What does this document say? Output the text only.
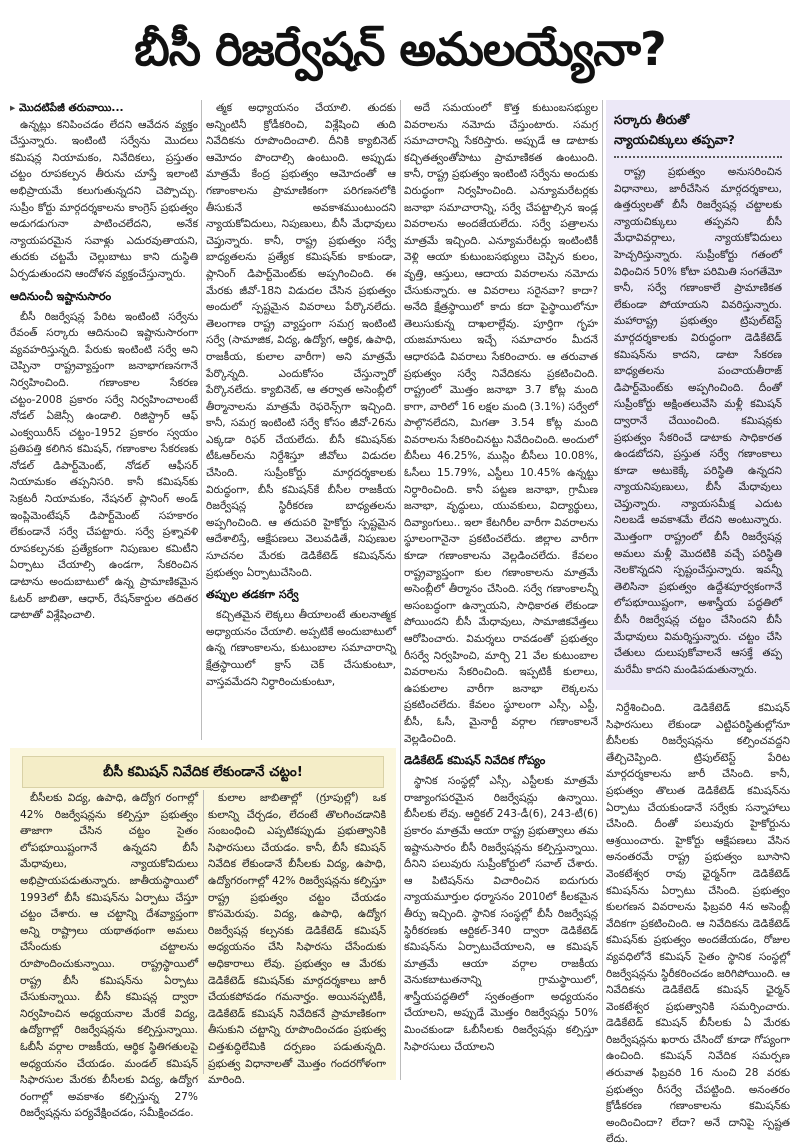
బీసీ రిజర్వేషన్ అమలయ్యేనా?
▸ మొదటిపేజీ తరువాయి...

ఉన్నట్లు కనిపించడం లేదని ఆవేదన వ్యక్తం చేస్తున్నారు. ఇంటింటి సర్వేను మొదలు కమిషన్ల నియామకం, నివేదికలు, ప్రస్తుతం చట్టం రూపకల్పన తీరును చూస్తే ఇలాంటి అభిప్రాయమే కలుగుతున్నదని చెప్పొచ్చు. సుప్రీం కోర్టు మార్గదర్శకాలను కాంగ్రెస్ ప్రభుత్వం అడుగడుగునా పాటించలేదని, అనేక న్యాయపరమైన సవాళ్లు ఎదురవుతాయని, తుదకు చట్టమే చెల్లుబాటు కాని దుస్థితి ఏర్పడుతుందని ఆందోళన వ్యక్తంచేస్తున్నారు.

ఆదినుంచీ ఇష్టానుసారం

బీసీ రిజర్వేషన్ల పేరిట ఇంటింటి సర్వేను రేవంత్ సర్కారు ఆదినుంచి ఇష్టానుసారంగా వ్యవహరిస్తున్నది. పేరుకు ఇంటింటి సర్వే అని చెప్పినా రాష్ట్రవ్యాప్తంగా జనాభాగణనగానే నిర్వహించింది. గణాంకాల సేకరణ చట్టం-2008 ప్రకారం సర్వే నిర్వహించాలంటే నోడల్ ఏజెన్సీ ఉండాలి. రిజిస్ట్రార్ ఆఫ్ ఎంక్వయిరీస్ చట్టం-1952 ప్రకారం స్వయం ప్రతిపత్తి కలిగిన కమిషన్, గణాంకాల సేకరణకు నోడల్ డిపార్ట్‌మెంట్, నోడల్ ఆఫీసర్ నియామకం తప్పనిసరి. కానీ కమిషన్‌కు సెక్రటరీ నియామకం, నేషనల్ ప్లానింగ్ అండ్ ఇంప్లిమెంటేషన్ డిపార్ట్‌మెంట్ సహకారం లేకుండానే సర్వే చేపట్టారు. సర్వే ప్రశ్నావళి రూపకల్పనకు ప్రత్యేకంగా నిపుణుల కమిటీని ఏర్పాటు చేయాల్సి ఉండగా, సేకరించిన డాటాను అందుబాటులో ఉన్న ప్రామాణికమైన ఓటర్ జాబితా, ఆధార్, రేషన్‌కార్డుల తదితర డాటాతో విశ్లేషించాలి.

త్మక అధ్యాయనం చేయాలి. తుదకు అన్నింటినీ క్రోడీకరించి, విశ్లేషించి తుది నివేదికను రూపొందించాలి. దీనికి క్యాబినెట్ ఆమోదం పొందాల్సి ఉంటుంది. అప్పుడు మాత్రమే కేంద్ర ప్రభుత్వం ఆమోదంతో ఆ గణాంకాలను ప్రామాణికంగా పరిగణనలోకి తీసుకునే అవకాశముంటుందని న్యాయకోవిదులు, నిపుణులు, బీసీ మేధావులు చెప్తున్నారు. కానీ, రాష్ట్ర ప్రభుత్వం సర్వే బాధ్యతలను ప్రత్యేక కమిషన్‌కు కాకుండా, ప్లానింగ్ డిపార్ట్‌మెంట్‌కు అప్పగించింది. ఈ మేరకు జీవో-18ని విడుదల చేసిన ప్రభుత్వం అందులో స్పష్టమైన వివరాలు పేర్కొనలేదు. తెలంగాణ రాష్ట్ర వ్యాప్తంగా సమగ్ర ఇంటింటి సర్వే (సామాజిక, విద్య, ఉద్యోగ, ఆర్థిక, ఉపాధి, రాజకీయ, కులాల వారీగా) అని మాత్రమే పేర్కొన్నది. ఎందుకోసం చేస్తున్నారో పేర్కొనలేదు. క్యాబినెట్, ఆ తర్వాత అసెంబ్లీలో తీర్మానాలను మాత్రమే రెఫరెన్స్‌గా ఇచ్చింది. కానీ, సమగ్ర ఇంటింటి సర్వే కోసం జీవో-26ను ఎక్కడా రిఫర్ చేయలేదు. బీసీ కమిషన్‌కు టీఓఆర్‌లను నిర్దేశిస్తూ జీవోలు విడుదల చేసింది. సుప్రీంకోర్టు మార్గదర్శకాలకు విరుద్ధంగా, బీసీ కమిషన్‌కే బీసీల రాజకీయ రిజర్వేషన్ల స్థిరీకరణ బాధ్యతలను అప్పగించింది. ఆ తదుపరి హైకోర్టు స్పష్టమైన ఆదేశాలిస్తే, ఆక్షేపణలు వెలువడితే, నిపుణుల సూచనల మేరకు డెడికేటెడ్ కమిషన్‌ను ప్రభుత్వం ఏర్పాటుచేసింది.

తప్పుల తడకగా సర్వే

కచ్చితమైన లెక్కలు తీయాలంటే తులనాత్మక అధ్యాయనం చేయాలి. అప్పటికే అందుబాటులో ఉన్న గణాంకాలను, కుటుంబాల సమాచారాన్ని క్షేత్రస్థాయిలో క్రాస్ చెక్ చేసుకుంటూ, వాస్తవమేదని నిర్ధారించుకుంటూ,

అదే సమయంలో కొత్త కుటుంబసభ్యుల వివరాలను నమోదు చేస్తుంటారు. సమగ్ర సమాచారాన్ని సేకరిస్తారు. అప్పుడే ఆ డాటాకు కచ్చితత్వంతోపాటు ప్రామాణికత ఉంటుంది. కానీ, రాష్ట్ర ప్రభుత్వం ఇంటింటి సర్వేను అందుకు విరుద్ధంగా నిర్వహించింది. ఎన్యూమరేటర్లకు జనాభా సమాచారాన్ని, సర్వే చేపట్టాల్సిన ఇండ్ల వివరాలను అందజేయలేదు. సర్వే పత్రాలను మాత్రమే ఇచ్చింది. ఎన్యూమరేటర్లు ఇంటింటికీ వెళ్లి ఆయా కుటుంబసభ్యులు చెప్పిన కులం, వృత్తి, ఆస్తులు, ఆదాయ వివరాలను నమోదు చేసుకున్నారు. ఆ వివరాలు సరైనవా? కాదా? అనేది క్షేత్రస్థాయిలో కాదు కదా పైస్థాయిలోనూ తెలుసుకున్న దాఖలాల్లేవు. పూర్తిగా గృహ యజమానులు ఇచ్చే సమాచారం మీదనే ఆధారపడి వివరాలు సేకరించారు. ఆ తరువాత ప్రభుత్వం సర్వే నివేదికను ప్రకటించింది. రాష్ట్రంలో మొత్తం జనాభా 3.7 కోట్ల మంది కాగా, వారిలో 16 లక్షల మంది (3.1%) సర్వేలో పాల్గొనలేదని, మిగతా 3.54 కోట్ల మంది వివరాలను సేకరించినట్టు నివేదించింది. అందులో బీసీలు 46.25%, ముస్లిం బీసీలు 10.08%, ఓసీలు 15.79%, ఎస్టీలు 10.45% ఉన్నట్టు నిర్ధారించింది. కానీ పట్టణ జనాభా, గ్రామీణ జనాభా, వృద్ధులు, యువకులు, విద్యార్థులు, దివ్యాంగులు.. ఇలా కేటగిరీల వారీగా వివరాలను స్థూలంగానైనా ప్రకటించలేదు. జిల్లాల వారీగా కూడా గణాంకాలను వెల్లడించలేదు. కేవలం రాష్ట్రవ్యాప్తంగా కుల గణాంకాలను మాత్రమే అసెంబ్లీలో తీర్మానం చేసింది. సర్వే గణాంకాలన్నీ అసంబద్ధంగా ఉన్నాయని, సాధికారత లేకుండా పోయిందని బీసీ మేధావులు, సామాజికవేత్తలు ఆరోపించారు. విమర్శలు రావడంతో ప్రభుత్వం రీసర్వే నిర్వహించి, మార్చి 21 వేల కుటుంబాల వివరాలను సేకరించింది. ఇప్పటికీ కులాలు, ఉపకులాల వారీగా జనాభా లెక్కలను ప్రకటించలేదు. కేవలం స్థూలంగా ఎస్సీ, ఎస్టీ, బీసీ, ఓసీ, మైనార్టీ వర్గాల గణాంకాలనే వెల్లడించింది.

డెడికేటెడ్ కమిషన్ నివేదిక గోప్యం

స్థానిక సంస్థల్లో ఎస్సీ, ఎస్టీలకు మాత్రమే రాజ్యాంగపరమైన రిజర్వేషన్లు ఉన్నాయి. బీసీలకు లేవు. ఆర్టికల్ 243-డీ(6), 243-టీ(6) ప్రకారం మాత్రమే ఆయా రాష్ట్ర ప్రభుత్వాలు తమ ఇష్టానుసారం బీసీ రిజర్వేషన్లను కల్పిస్తున్నాయి. దీనిని పలువురు సుప్రీంకోర్టులో సవాల్ చేశారు. ఆ పిటిషన్‌ను విచారించిన ఐదుగురు న్యాయమూర్తుల ధర్మాసనం 2010లో కీలకమైన తీర్పు ఇచ్చింది. స్థానిక సంస్థల్లో బీసీ రిజర్వేషన్ల స్థిరీకరణకు ఆర్టికల్-340 ద్వారా డెడికేటెడ్ కమిషన్‌ను ఏర్పాటుచేయాలని, ఆ కమిషన్ మాత్రమే ఆయా వర్గాల రాజకీయ వెనుకబాటుతనాన్ని గ్రామస్థాయిలో, శాస్త్రీయపద్ధతిలో స్వతంత్రంగా అధ్యయనం చేయాలని, అప్పుడే మొత్తం రిజర్వేషన్లు 50% మించకుండా ఓబీసీలకు రిజర్వేషన్లు కల్పిస్తూ సిఫారసులు చేయాలని

సర్కారు తీరుతో
న్యాయచిక్కులు తప్పవా?

రాష్ట్ర ప్రభుత్వం అనుసరించిన విధానాలు, జారీచేసిన మార్గదర్శకాలు, ఉత్తర్వులతో బీసీ రిజర్వేషన్ల చట్టాలకు న్యాయచిక్కులు తప్పవని బీసీ మేధావివర్గాలు, న్యాయకోవిదులు హెచ్చరిస్తున్నారు. సుప్రీంకోర్టు గతంలో విధించిన 50% కోటా పరిమితి సంగతేమో కానీ, సర్వే గణాంకాలే ప్రామాణికత లేకుండా పోయాయని వివరిస్తున్నారు. మహారాష్ట్ర ప్రభుత్వం ట్రిపుల్‌టెస్ట్ మార్గదర్శకాలకు విరుద్ధంగా డెడికేటెడ్ కమిషన్‌ను కాదని, డాటా సేకరణ బాధ్యతలను పంచాయతీరాజ్ డిపార్ట్‌మెంట్‌కు అప్పగించింది. దీంతో సుప్రీంకోర్టు అక్షింతలువేసి మళ్లీ కమిషన్ ద్వారానే చేయించింది. కమిషన్లకు ప్రభుత్వం సేకరించే డాటాకు సాధికారత ఉండబోదని, ప్రస్తుత సర్వే గణాంకాలు కూడా అటుకెక్కే పరిస్థితి ఉన్నదని న్యాయనిపుణులు, బీసీ మేధావులు చెప్తున్నారు. న్యాయసమీక్ష ఎదుట నిలబడే అవకాశమే లేదని అంటున్నారు. మొత్తంగా రాష్ట్రంలో బీసీ రిజర్వేషన్ల అమలు మళ్లీ మొదటికి వచ్చే పరిస్థితి నెలకొన్నదని స్పష్టంచేస్తున్నారు. ఇవన్నీ తెలిసినా ప్రభుత్వం ఉద్దేశపూర్వకంగానే లోపభూయిష్టంగా, అశాస్త్రీయ పద్ధతిలో బీసీ రిజర్వేషన్ల చట్టం చేసిందని బీసీ మేధావులు విమర్శిస్తున్నారు. చట్టం చేసి చేతులు దులుపుకోవాలనే ఆసక్తే తప్ప మరేమీ కాదని మండిపడుతున్నారు.

నిర్దేశించింది. డెడికేటెడ్ కమిషన్ సిఫారసులు లేకుండా ఎట్టిపరిస్థితుల్లోనూ బీసీలకు రిజర్వేషన్లను కల్పించవద్దని తేల్చిచెప్పింది. ట్రిపుల్‌టెస్ట్ పేరిట మార్గదర్శకాలను జారీ చేసింది. కానీ, ప్రభుత్వం తొలుత డెడికేటెడ్ కమిషన్‌ను ఏర్పాటు చేయకుండానే సర్వేకు సన్నాహాలు చేసింది. దీంతో పలువురు హైకోర్టును ఆశ్రయించారు. హైకోర్టు ఆక్షేపణలు వేసిన అనంతరమే రాష్ట్ర ప్రభుత్వం బూసాని వెంకటేశ్వర రావు ఛైర్మన్‌గా డెడికేటెడ్ కమిషన్‌ను ఏర్పాటు చేసింది. ప్రభుత్వం కులగణన వివరాలను ఫిబ్రవరి 4న అసెంబ్లీ వేదికగా ప్రకటించింది. ఆ నివేదికను డెడికేటెడ్ కమిషన్‌కు ప్రభుత్వం అందజేయడం, రోజుల వ్యవధిలోనే కమిషన్ సైతం స్థానిక సంస్థల్లో రిజర్వేషన్లను స్థిరీకరించడం జరిగిపోయింది. ఆ నివేదికను డెడికేటెడ్ కమిషన్ ఛైర్మన్ వెంకటేశ్వర ప్రభుత్వానికి సమర్పించారు. డెడికేటెడ్ కమిషన్ బీసీలకు ఏ మేరకు రిజర్వేషన్లను ఖరారు చేసిందో కూడా గోప్యంగా ఉంచింది. కమిషన్ నివేదిక సమర్పణ తరువాత ఫిబ్రవరి 16 నుంచి 28 వరకు ప్రభుత్వం రీసర్వే చేపట్టింది. అనంతరం క్రోడీకరణ గణాంకాలను కమిషన్‌కు అందించిందా? లేదా? అనే దానిపై స్పష్టత లేదు.

బీసీ కమిషన్ నివేదిక లేకుండానే చట్టం!

బీసీలకు విద్య, ఉపాధి, ఉద్యోగ రంగాల్లో 42% రిజర్వేషన్లను కల్పిస్తూ ప్రభుత్వం తాజాగా చేసిన చట్టం సైతం లోపభూయిష్టంగానే ఉన్నదని బీసీ మేధావులు, న్యాయకోవిదులు అభిప్రాయపడుతున్నారు. జాతీయస్థాయిలో 1993లో బీసీ కమిషన్‌ను ఏర్పాటు చేస్తూ చట్టం చేశారు. ఆ చట్టాన్ని దేశవ్యాప్తంగా అన్ని రాష్ట్రాలు యథాతథంగా అమలు చేసేందుకు చట్టాలను రూపొందించుకున్నాయి. రాష్ట్రస్థాయిలో రాష్ట్ర బీసీ కమిషన్‌ను ఏర్పాటు చేసుకున్నాయి. బీసీ కమిషన్ల ద్వారా నిర్వహించిన అధ్యయనాల మేరకే విద్య, ఉద్యోగాల్లో రిజర్వేషన్లను కల్పిస్తున్నాయి. ఓబీసీ వర్గాల రాజకీయ, ఆర్థిక స్థితిగతులపై అధ్యయనం చేయడం. మండల్ కమిషన్ సిఫారసుల మేరకు బీసీలకు విద్య, ఉద్యోగ రంగాల్లో అవకాశం కల్పిస్తున్న 27% రిజర్వేషన్లను పర్యవేక్షించడం, సమీక్షించడం.

కులాల జాబితాల్లో (గ్రూపుల్లో) ఒక కులాన్ని చేర్చడం, లేదంటే తొలగించడానికి సంబంధించి ఎప్పటికప్పుడు ప్రభుత్వానికి సిఫారసులు చేయడం. కానీ, బీసీ కమిషన్ నివేదిక లేకుండానే బీసీలకు విద్య, ఉపాధి, ఉద్యోగరంగాల్లో 42% రిజర్వేషన్లను కల్పిస్తూ రాష్ట్ర ప్రభుత్వం చట్టం చేయడం కొసమెరుపు. విద్య, ఉపాధి, ఉద్యోగ రిజర్వేషన్ల కల్పనకు డెడికేటెడ్ కమిషన్ అధ్యయనం చేసి సిఫారసు చేసేందుకు అధికారాలు లేవు. ప్రభుత్వం ఆ మేరకు డెడికేటెడ్ కమిషన్‌కు మార్గదర్శకాలు జారీ చేయకపోవడం గమనార్హం. అయినప్పటికీ, డెడికేటెడ్ కమిషన్ నివేదికనే ప్రామాణికంగా తీసుకుని చట్టాన్ని రూపొందించడం ప్రభుత్వ చిత్తశుద్ధిలేమికి దర్పణం పడుతున్నది. ప్రభుత్వ విధానాలతో మొత్తం గందరగోళంగా మారింది.
